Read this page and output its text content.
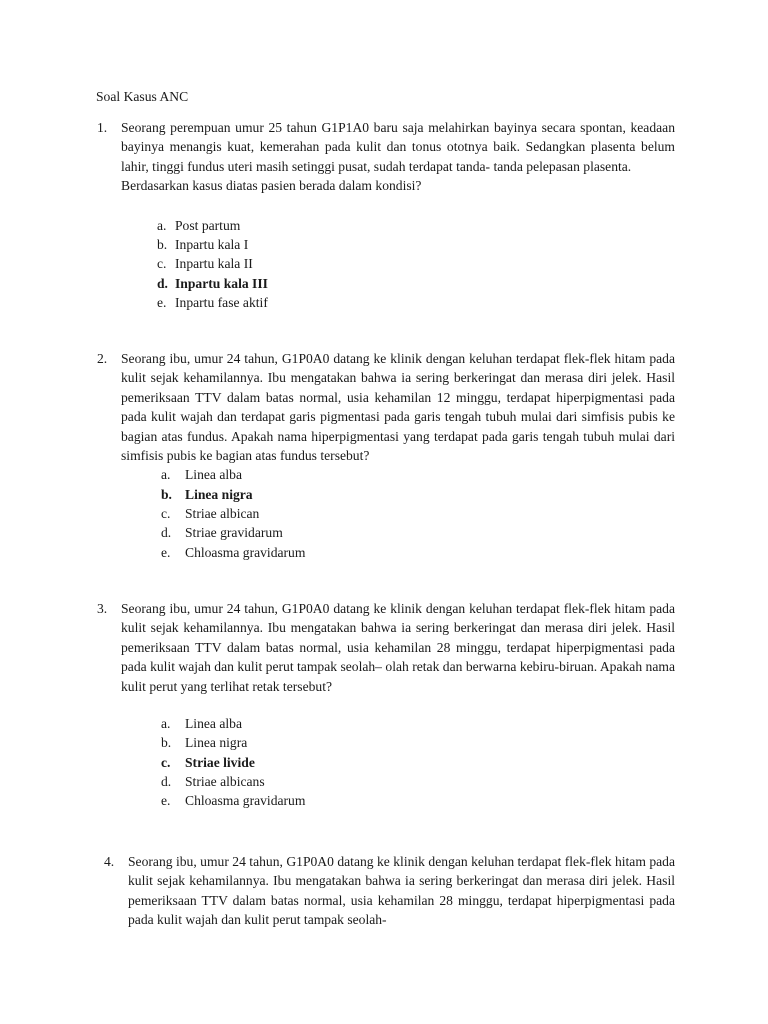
Soal Kasus ANC
1. Seorang perempuan umur 25 tahun G1P1A0 baru saja melahirkan bayinya secara spontan, keadaan bayinya menangis kuat, kemerahan pada kulit dan tonus ototnya baik. Sedangkan plasenta belum lahir, tinggi fundus uteri masih setinggi pusat, sudah terdapat tanda- tanda pelepasan plasenta.

Berdasarkan kasus diatas pasien berada dalam kondisi?

a. Post partum
b. Inpartu kala I
c. Inpartu kala II
d. Inpartu kala III
e. Inpartu fase aktif
2. Seorang ibu, umur 24 tahun, G1P0A0 datang ke klinik dengan keluhan terdapat flek-flek hitam pada kulit sejak kehamilannya. Ibu mengatakan bahwa ia sering berkeringat dan merasa diri jelek. Hasil pemeriksaan TTV dalam batas normal, usia kehamilan 12 minggu, terdapat hiperpigmentasi pada pada kulit wajah dan terdapat garis pigmentasi pada garis tengah tubuh mulai dari simfisis pubis ke bagian atas fundus. Apakah nama hiperpigmentasi yang terdapat pada garis tengah tubuh mulai dari simfisis pubis ke bagian atas fundus tersebut?

a. Linea alba
b. Linea nigra
c. Striae albican
d. Striae gravidarum
e. Chloasma gravidarum
3. Seorang ibu, umur 24 tahun, G1P0A0 datang ke klinik dengan keluhan terdapat flek-flek hitam pada kulit sejak kehamilannya. Ibu mengatakan bahwa ia sering berkeringat dan merasa diri jelek. Hasil pemeriksaan TTV dalam batas normal, usia kehamilan 28 minggu, terdapat hiperpigmentasi pada pada kulit wajah dan kulit perut tampak seolah– olah retak dan berwarna kebiru-biruan. Apakah nama kulit perut yang terlihat retak tersebut?

a. Linea alba
b. Linea nigra
c. Striae livide
d. Striae albicans
e. Chloasma gravidarum
4. Seorang ibu, umur 24 tahun, G1P0A0 datang ke klinik dengan keluhan terdapat flek-flek hitam pada kulit sejak kehamilannya. Ibu mengatakan bahwa ia sering berkeringat dan merasa diri jelek. Hasil pemeriksaan TTV dalam batas normal, usia kehamilan 28 minggu, terdapat hiperpigmentasi pada pada kulit wajah dan kulit perut tampak seolah-
